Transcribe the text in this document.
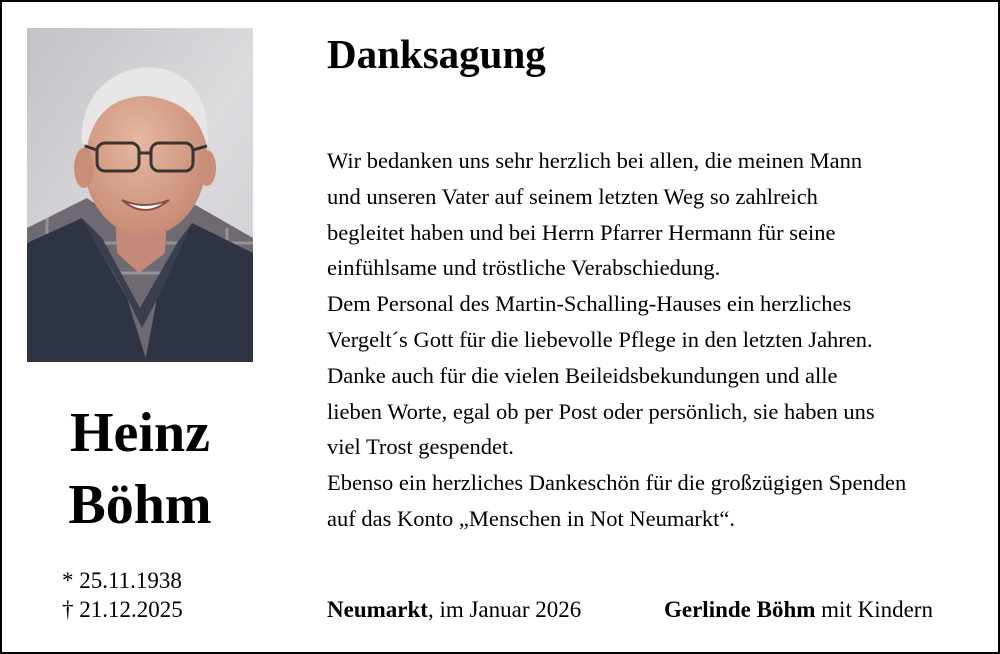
Heinz
Böhm
* 25.11.1938
† 21.12.2025
Danksagung
Wir bedanken uns sehr herzlich bei allen, die meinen Mann
und unseren Vater auf seinem letzten Weg so zahlreich
begleitet haben und bei Herrn Pfarrer Hermann für seine
einfühlsame und tröstliche Verabschiedung.
Dem Personal des Martin-Schalling-Hauses ein herzliches
Vergelt´s Gott für die liebevolle Pflege in den letzten Jahren.
Danke auch für die vielen Beileidsbekundungen und alle
lieben Worte, egal ob per Post oder persönlich, sie haben uns
viel Trost gespendet.
Ebenso ein herzliches Dankeschön für die großzügigen Spenden
auf das Konto „Menschen in Not Neumarkt“.
Neumarkt, im Januar 2026	Gerlinde Böhm mit Kindern
